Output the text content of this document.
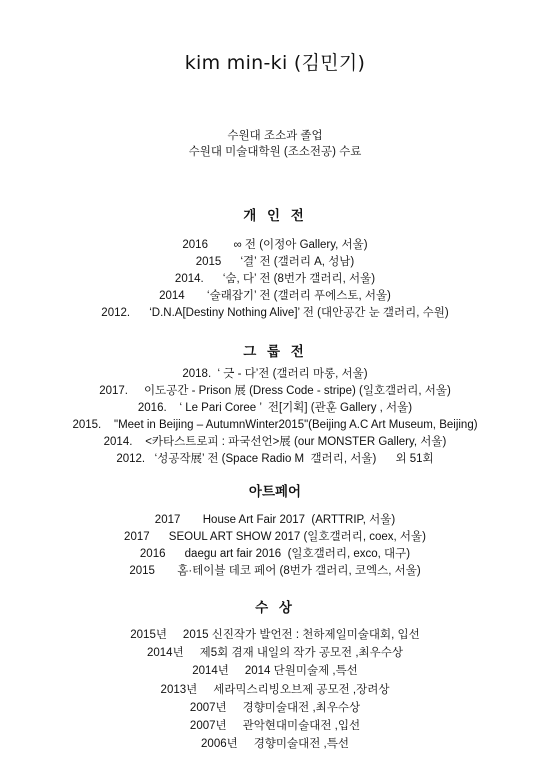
kim min-ki (김민기)
수원대 조소과 졸업
수원대 미술대학원 (조소전공) 수료
개 인 전
2016        ∞ 전 (이정아 Gallery, 서울)
2015      ‘결’ 전 (갤러리 A, 성남)
2014.      ‘숨, 다’ 전 (8번가 갤러리, 서울)
2014       ‘술래잡기’ 전 (갤러리 푸에스토, 서울)
2012.      ‘D.N.A[Destiny Nothing Alive]’ 전 (대안공간 눈 갤러리, 수원)
그 룹 전
2018.  ‘ 긋 - 다’전 (갤러리 마롱, 서울)
2017.     이도공간 - Prison 展 (Dress Code - stripe) (일호갤러리, 서울)
2016.    ‘ Le Pari Coree ’  전[기획] (관훈 Gallery , 서울)
2015.    "Meet in Beijing – AutumnWinter2015"(Beijing A.C Art Museum, Beijing)
2014.    <카타스트로피 : 파국선언>展 (our MONSTER Gallery, 서울)
2012.   ‘성공작展’ 전 (Space Radio M  갤러리, 서울)      외 51회
아트페어
2017       House Art Fair 2017  (ARTTRIP, 서울)
2017      SEOUL ART SHOW 2017 (일호갤러리, coex, 서울)
2016      daegu art fair 2016  (일호갤러리, exco, 대구)
2015       홈·테이블 데코 페어 (8번가 갤러리, 코엑스, 서울)
수 상
2015년     2015 신진작가 발언전 : 천하제일미술대회, 입선
2014년     제5회 겸재 내일의 작가 공모전 ,최우수상
2014년     2014 단원미술제 ,특선
2013년     세라믹스리빙오브제 공모전 ,장려상
2007년     경향미술대전 ,최우수상
2007년     관악현대미술대전 ,입선
2006년     경향미술대전 ,특선
